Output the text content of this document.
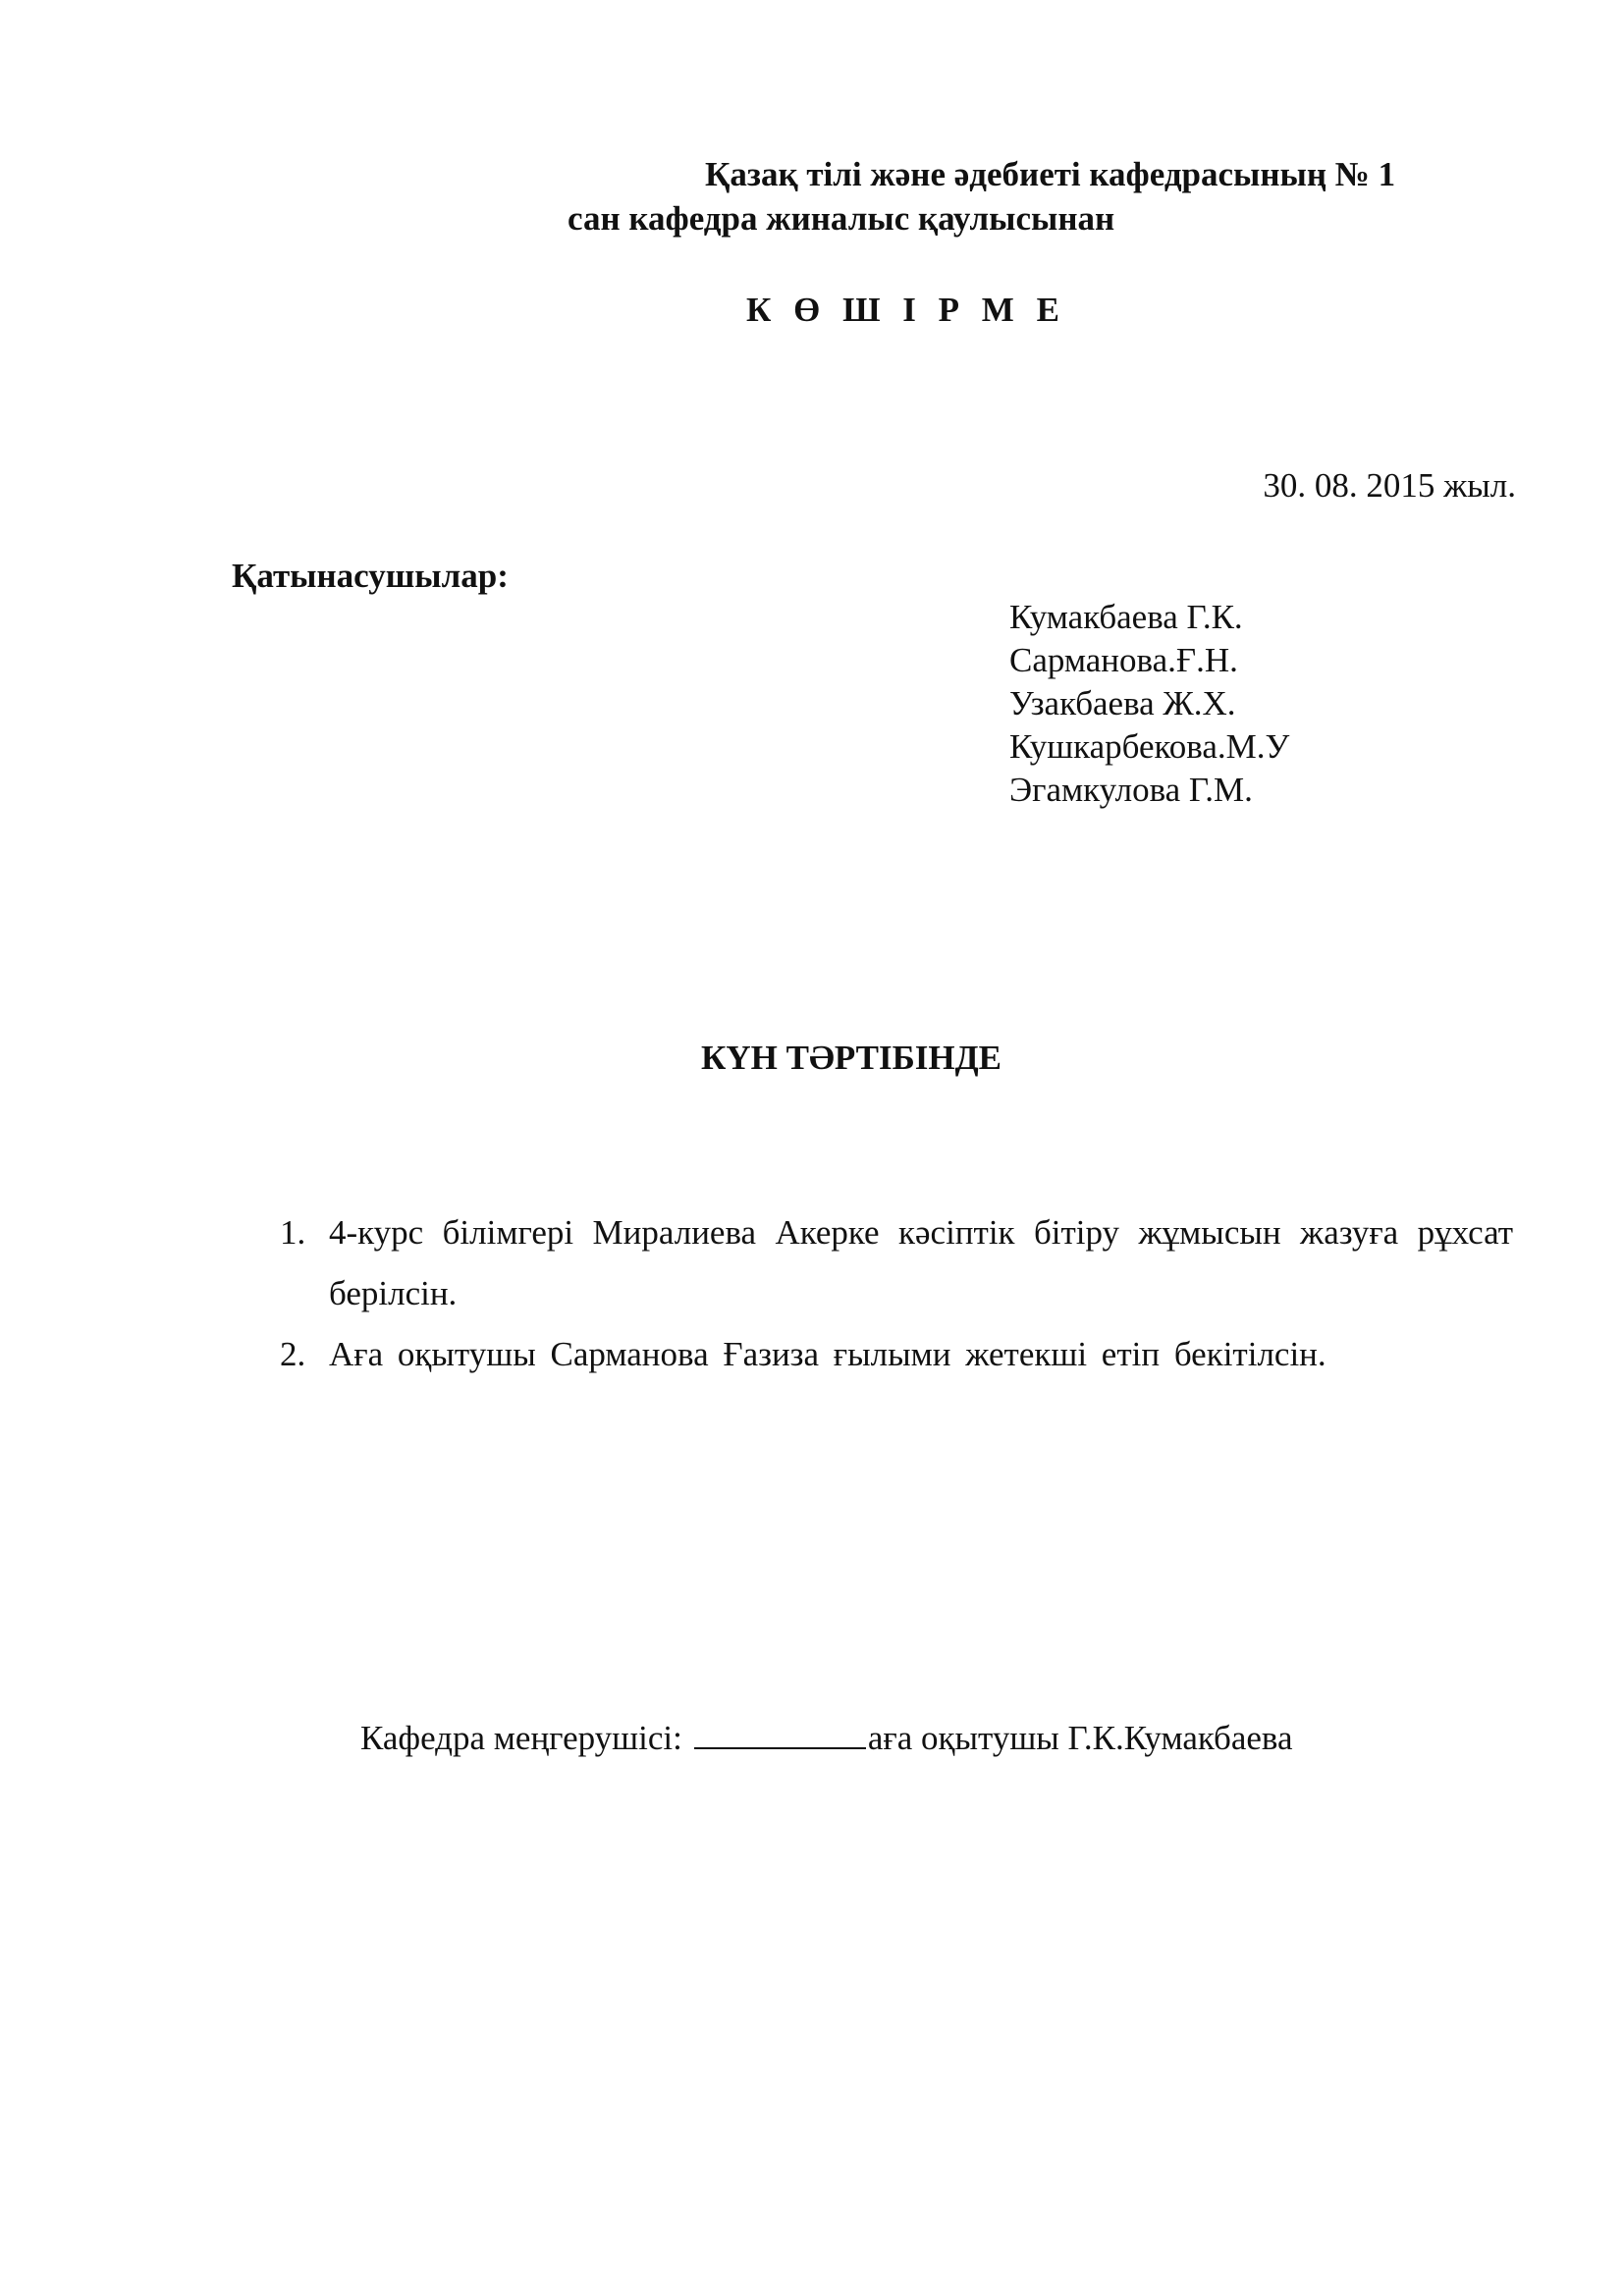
Қазақ тілі және әдебиеті кафедрасының № 1
сан кафедра жиналыс қаулысынан
К Ө Ш І Р М Е
30. 08. 2015 жыл.
Қатынасушылар:
Кумакбаева Г.К.
Сарманова.Ғ.Н.
Узакбаева Ж.Х.
Кушкарбекова.М.У
Эгамкулова Г.М.
КҮН ТӘРТІБІНДЕ
1. 4-курс білімгері Миралиева Акерке кәсіптік бітіру жұмысын жазуға рұхсат берілсін.
2. Аға оқытушы Сарманова Ғазиза ғылыми жетекші етіп бекітілсін.
Кафедра меңгерушісі:	аға оқытушы Г.К.Кумакбаева
